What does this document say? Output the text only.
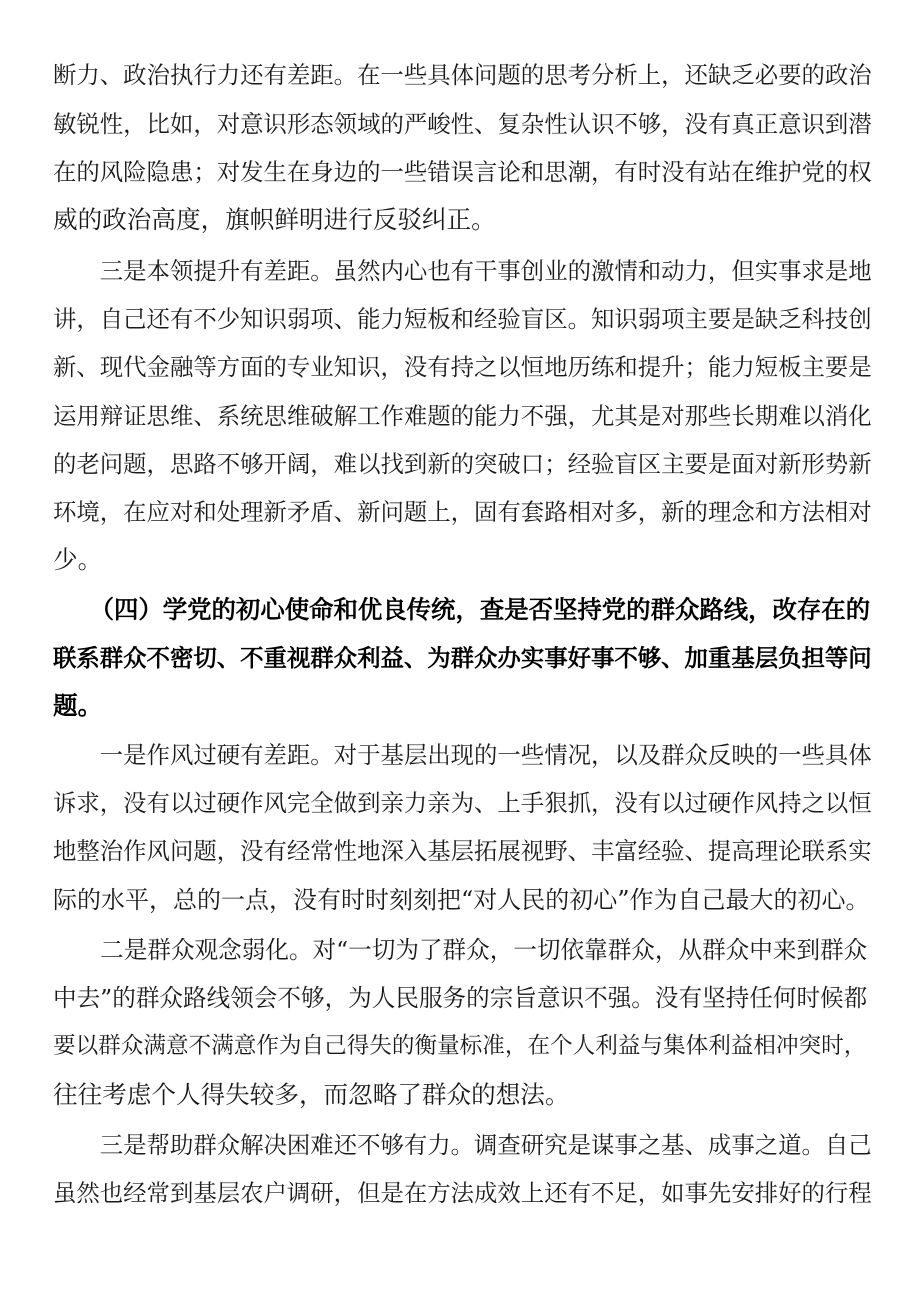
断力、政治执行力还有差距。在一些具体问题的思考分析上，还缺乏必要的政治
敏锐性，比如，对意识形态领域的严峻性、复杂性认识不够，没有真正意识到潜
在的风险隐患；对发生在身边的一些错误言论和思潮，有时没有站在维护党的权
威的政治高度，旗帜鲜明进行反驳纠正。
　　三是本领提升有差距。虽然内心也有干事创业的激情和动力，但实事求是地
讲，自己还有不少知识弱项、能力短板和经验盲区。知识弱项主要是缺乏科技创
新、现代金融等方面的专业知识，没有持之以恒地历练和提升；能力短板主要是
运用辩证思维、系统思维破解工作难题的能力不强，尤其是对那些长期难以消化
的老问题，思路不够开阔，难以找到新的突破口；经验盲区主要是面对新形势新
环境，在应对和处理新矛盾、新问题上，固有套路相对多，新的理念和方法相对
少。
　　（四）学党的初心使命和优良传统，查是否坚持党的群众路线，改存在的
联系群众不密切、不重视群众利益、为群众办实事好事不够、加重基层负担等问
题。
　　一是作风过硬有差距。对于基层出现的一些情况，以及群众反映的一些具体
诉求，没有以过硬作风完全做到亲力亲为、上手狠抓，没有以过硬作风持之以恒
地整治作风问题，没有经常性地深入基层拓展视野、丰富经验、提高理论联系实
际的水平，总的一点，没有时时刻刻把“对人民的初心”作为自己最大的初心。
　　二是群众观念弱化。对“一切为了群众，一切依靠群众，从群众中来到群众
中去”的群众路线领会不够，为人民服务的宗旨意识不强。没有坚持任何时候都
要以群众满意不满意作为自己得失的衡量标准，在个人利益与集体利益相冲突时，
往往考虑个人得失较多，而忽略了群众的想法。
　　三是帮助群众解决困难还不够有力。调查研究是谋事之基、成事之道。自己
虽然也经常到基层农户调研，但是在方法成效上还有不足，如事先安排好的行程
